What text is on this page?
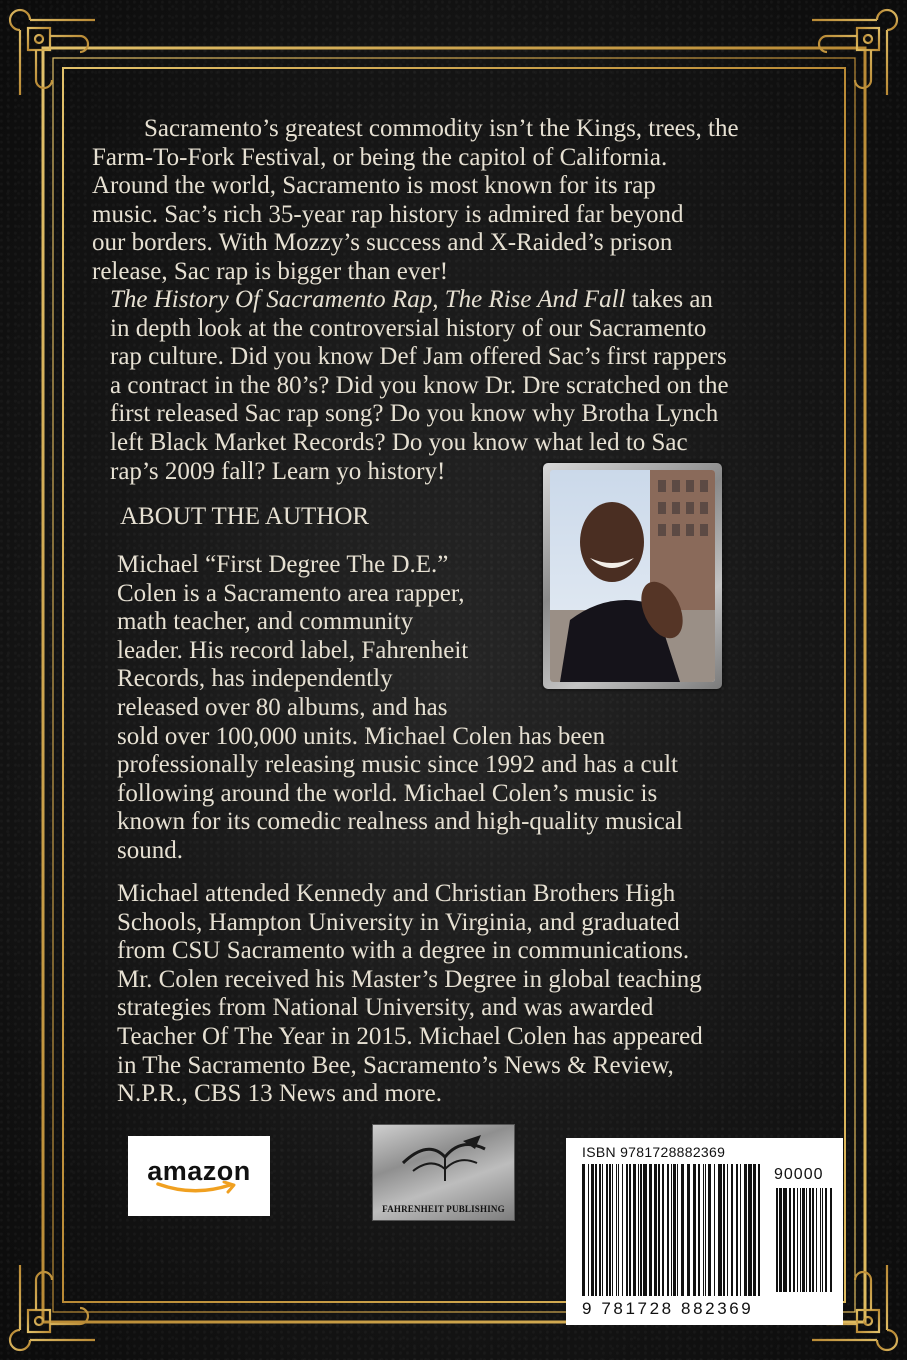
Sacramento’s greatest commodity isn’t the Kings, trees, the
Farm-To-Fork Festival, or being the capitol of California.
Around the world, Sacramento is most known for its rap
music. Sac’s rich 35-year rap history is admired far beyond
our borders. With Mozzy’s success and X-Raided’s prison
release, Sac rap is bigger than ever!

The History Of Sacramento Rap, The Rise And Fall takes an
in depth look at the controversial history of our Sacramento
rap culture. Did you know Def Jam offered Sac’s first rappers
a contract in the 80’s? Did you know Dr. Dre scratched on the
first released Sac rap song? Do you know why Brotha Lynch
left Black Market Records? Do you know what led to Sac
rap’s 2009 fall? Learn yo history!

ABOUT THE AUTHOR

Michael “First Degree The D.E.”
Colen is a Sacramento area rapper,
math teacher, and community
leader. His record label, Fahrenheit
Records, has independently
released over 80 albums, and has
sold over 100,000 units. Michael Colen has been
professionally releasing music since 1992 and has a cult
following around the world. Michael Colen’s music is
known for its comedic realness and high-quality musical
sound.

Michael attended Kennedy and Christian Brothers High
Schools, Hampton University in Virginia, and graduated
from CSU Sacramento with a degree in communications.
Mr. Colen received his Master’s Degree in global teaching
strategies from National University, and was awarded
Teacher Of The Year in 2015. Michael Colen has appeared
in The Sacramento Bee, Sacramento’s News & Review,
N.P.R., CBS 13 News and more.

amazon
FAHRENHEIT PUBLISHING
ISBN 9781728882369
90000
9 781728 882369
